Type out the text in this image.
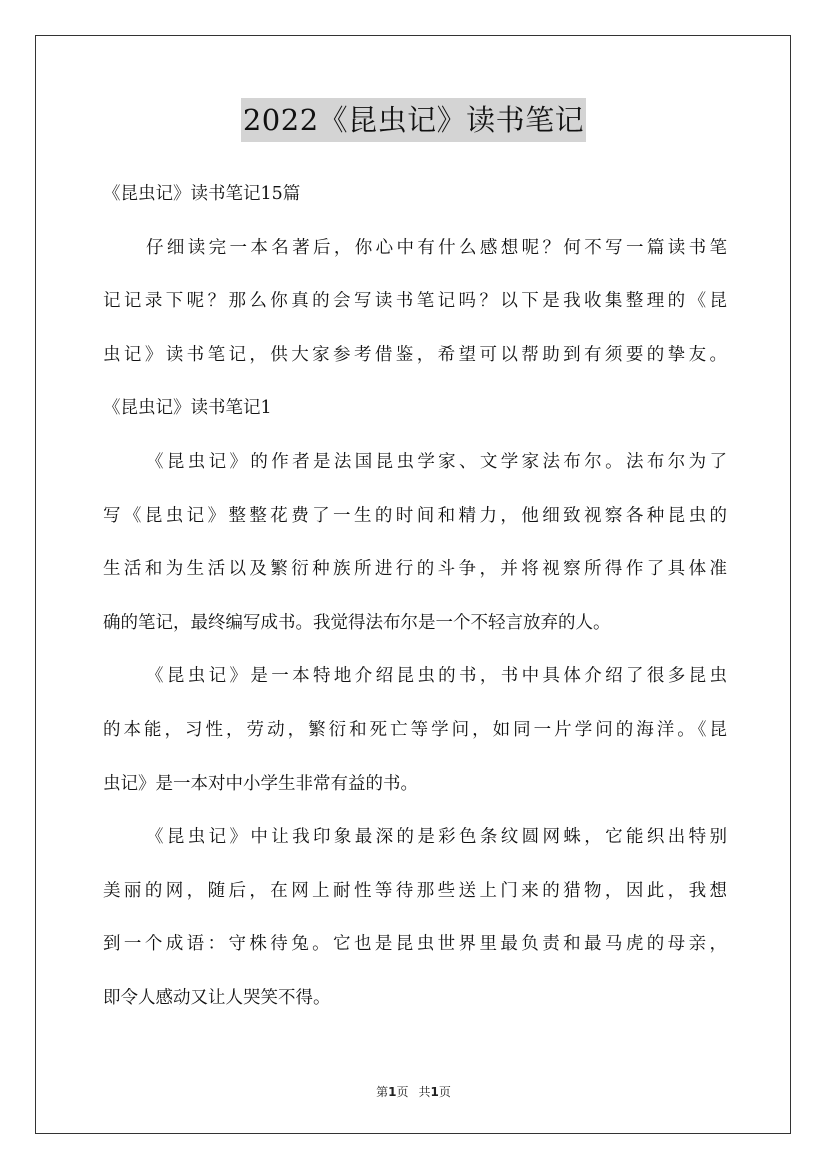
2022《昆虫记》读书笔记
《昆虫记》读书笔记15篇
仔细读完一本名著后，你心中有什么感想呢？何不写一篇读书笔
记记录下呢？那么你真的会写读书笔记吗？以下是我收集整理的《昆
虫记》读书笔记，供大家参考借鉴，希望可以帮助到有须要的挚友。
《昆虫记》读书笔记1
《昆虫记》的作者是法国昆虫学家、文学家法布尔。法布尔为了
写《昆虫记》整整花费了一生的时间和精力，他细致视察各种昆虫的
生活和为生活以及繁衍种族所进行的斗争，并将视察所得作了具体准
确的笔记，最终编写成书。我觉得法布尔是一个不轻言放弃的人。
《昆虫记》是一本特地介绍昆虫的书，书中具体介绍了很多昆虫
的本能，习性，劳动，繁衍和死亡等学问，如同一片学问的海洋。《昆
虫记》是一本对中小学生非常有益的书。
《昆虫记》中让我印象最深的是彩色条纹圆网蛛，它能织出特别
美丽的网，随后，在网上耐性等待那些送上门来的猎物，因此，我想
到一个成语：守株待兔。它也是昆虫世界里最负责和最马虎的母亲，
即令人感动又让人哭笑不得。
第1页 共1页
